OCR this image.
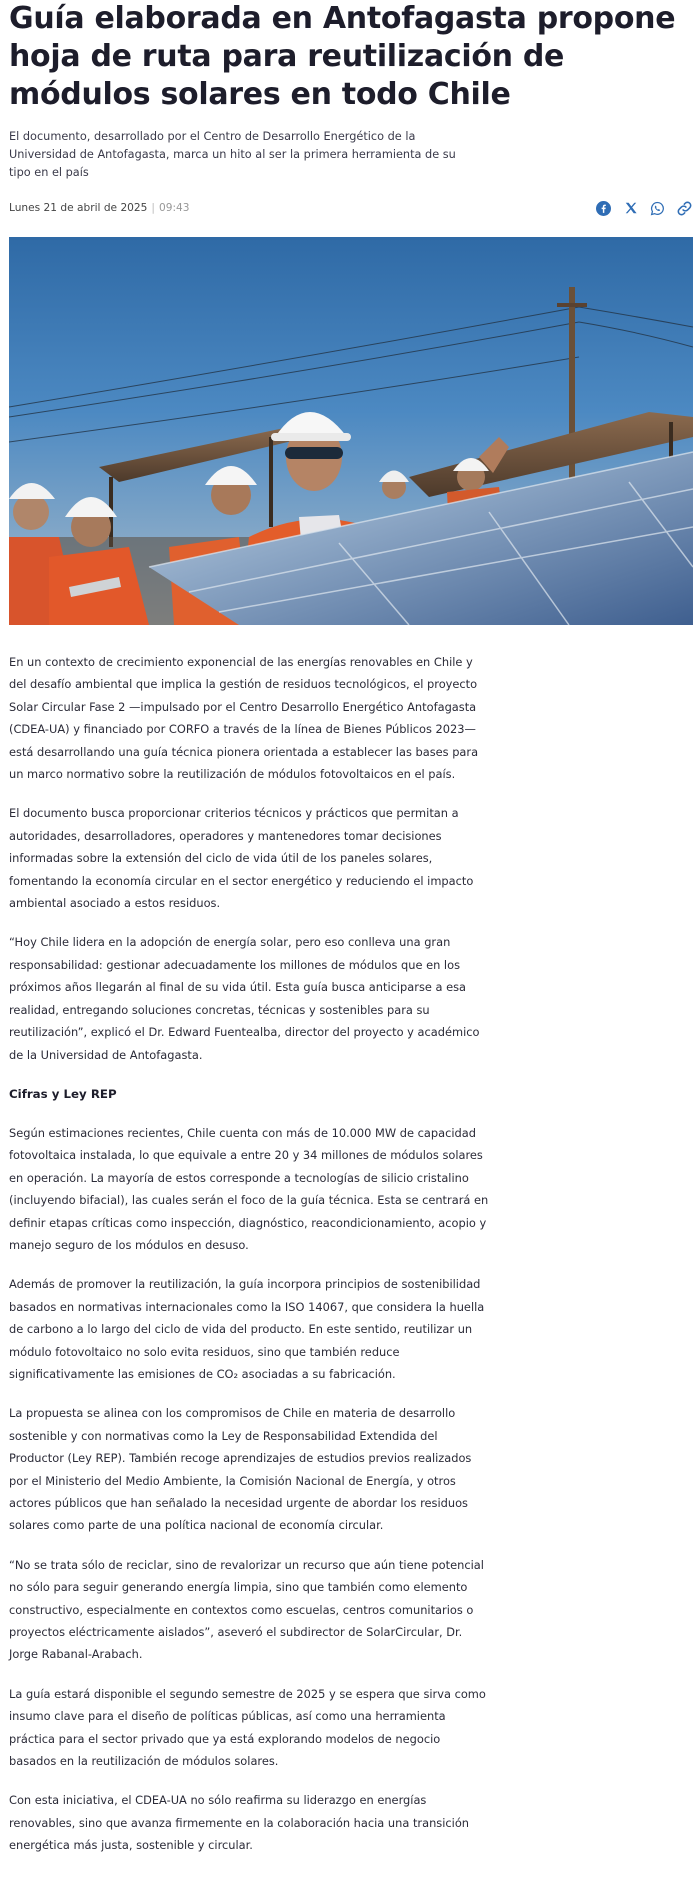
Guía elaborada en Antofagasta propone hoja de ruta para reutilización de módulos solares en todo Chile

El documento, desarrollado por el Centro de Desarrollo Energético de la Universidad de Antofagasta, marca un hito al ser la primera herramienta de su tipo en el país

Lunes 21 de abril de 2025 | 09:43

En un contexto de crecimiento exponencial de las energías renovables en Chile y del desafío ambiental que implica la gestión de residuos tecnológicos, el proyecto Solar Circular Fase 2 —impulsado por el Centro Desarrollo Energético Antofagasta (CDEA-UA) y financiado por CORFO a través de la línea de Bienes Públicos 2023— está desarrollando una guía técnica pionera orientada a establecer las bases para un marco normativo sobre la reutilización de módulos fotovoltaicos en el país.

El documento busca proporcionar criterios técnicos y prácticos que permitan a autoridades, desarrolladores, operadores y mantenedores tomar decisiones informadas sobre la extensión del ciclo de vida útil de los paneles solares, fomentando la economía circular en el sector energético y reduciendo el impacto ambiental asociado a estos residuos.

“Hoy Chile lidera en la adopción de energía solar, pero eso conlleva una gran responsabilidad: gestionar adecuadamente los millones de módulos que en los próximos años llegarán al final de su vida útil. Esta guía busca anticiparse a esa realidad, entregando soluciones concretas, técnicas y sostenibles para su reutilización”, explicó el Dr. Edward Fuentealba, director del proyecto y académico de la Universidad de Antofagasta.

Cifras y Ley REP

Según estimaciones recientes, Chile cuenta con más de 10.000 MW de capacidad fotovoltaica instalada, lo que equivale a entre 20 y 34 millones de módulos solares en operación. La mayoría de estos corresponde a tecnologías de silicio cristalino (incluyendo bifacial), las cuales serán el foco de la guía técnica. Esta se centrará en definir etapas críticas como inspección, diagnóstico, reacondicionamiento, acopio y manejo seguro de los módulos en desuso.

Además de promover la reutilización, la guía incorpora principios de sostenibilidad basados en normativas internacionales como la ISO 14067, que considera la huella de carbono a lo largo del ciclo de vida del producto. En este sentido, reutilizar un módulo fotovoltaico no solo evita residuos, sino que también reduce significativamente las emisiones de CO₂ asociadas a su fabricación.

La propuesta se alinea con los compromisos de Chile en materia de desarrollo sostenible y con normativas como la Ley de Responsabilidad Extendida del Productor (Ley REP). También recoge aprendizajes de estudios previos realizados por el Ministerio del Medio Ambiente, la Comisión Nacional de Energía, y otros actores públicos que han señalado la necesidad urgente de abordar los residuos solares como parte de una política nacional de economía circular.

“No se trata sólo de reciclar, sino de revalorizar un recurso que aún tiene potencial no sólo para seguir generando energía limpia, sino que también como elemento constructivo, especialmente en contextos como escuelas, centros comunitarios o proyectos eléctricamente aislados”, aseveró el subdirector de SolarCircular, Dr. Jorge Rabanal-Arabach.

La guía estará disponible el segundo semestre de 2025 y se espera que sirva como insumo clave para el diseño de políticas públicas, así como una herramienta práctica para el sector privado que ya está explorando modelos de negocio basados en la reutilización de módulos solares.

Con esta iniciativa, el CDEA-UA no sólo reafirma su liderazgo en energías renovables, sino que avanza firmemente en la colaboración hacia una transición energética más justa, sostenible y circular.
